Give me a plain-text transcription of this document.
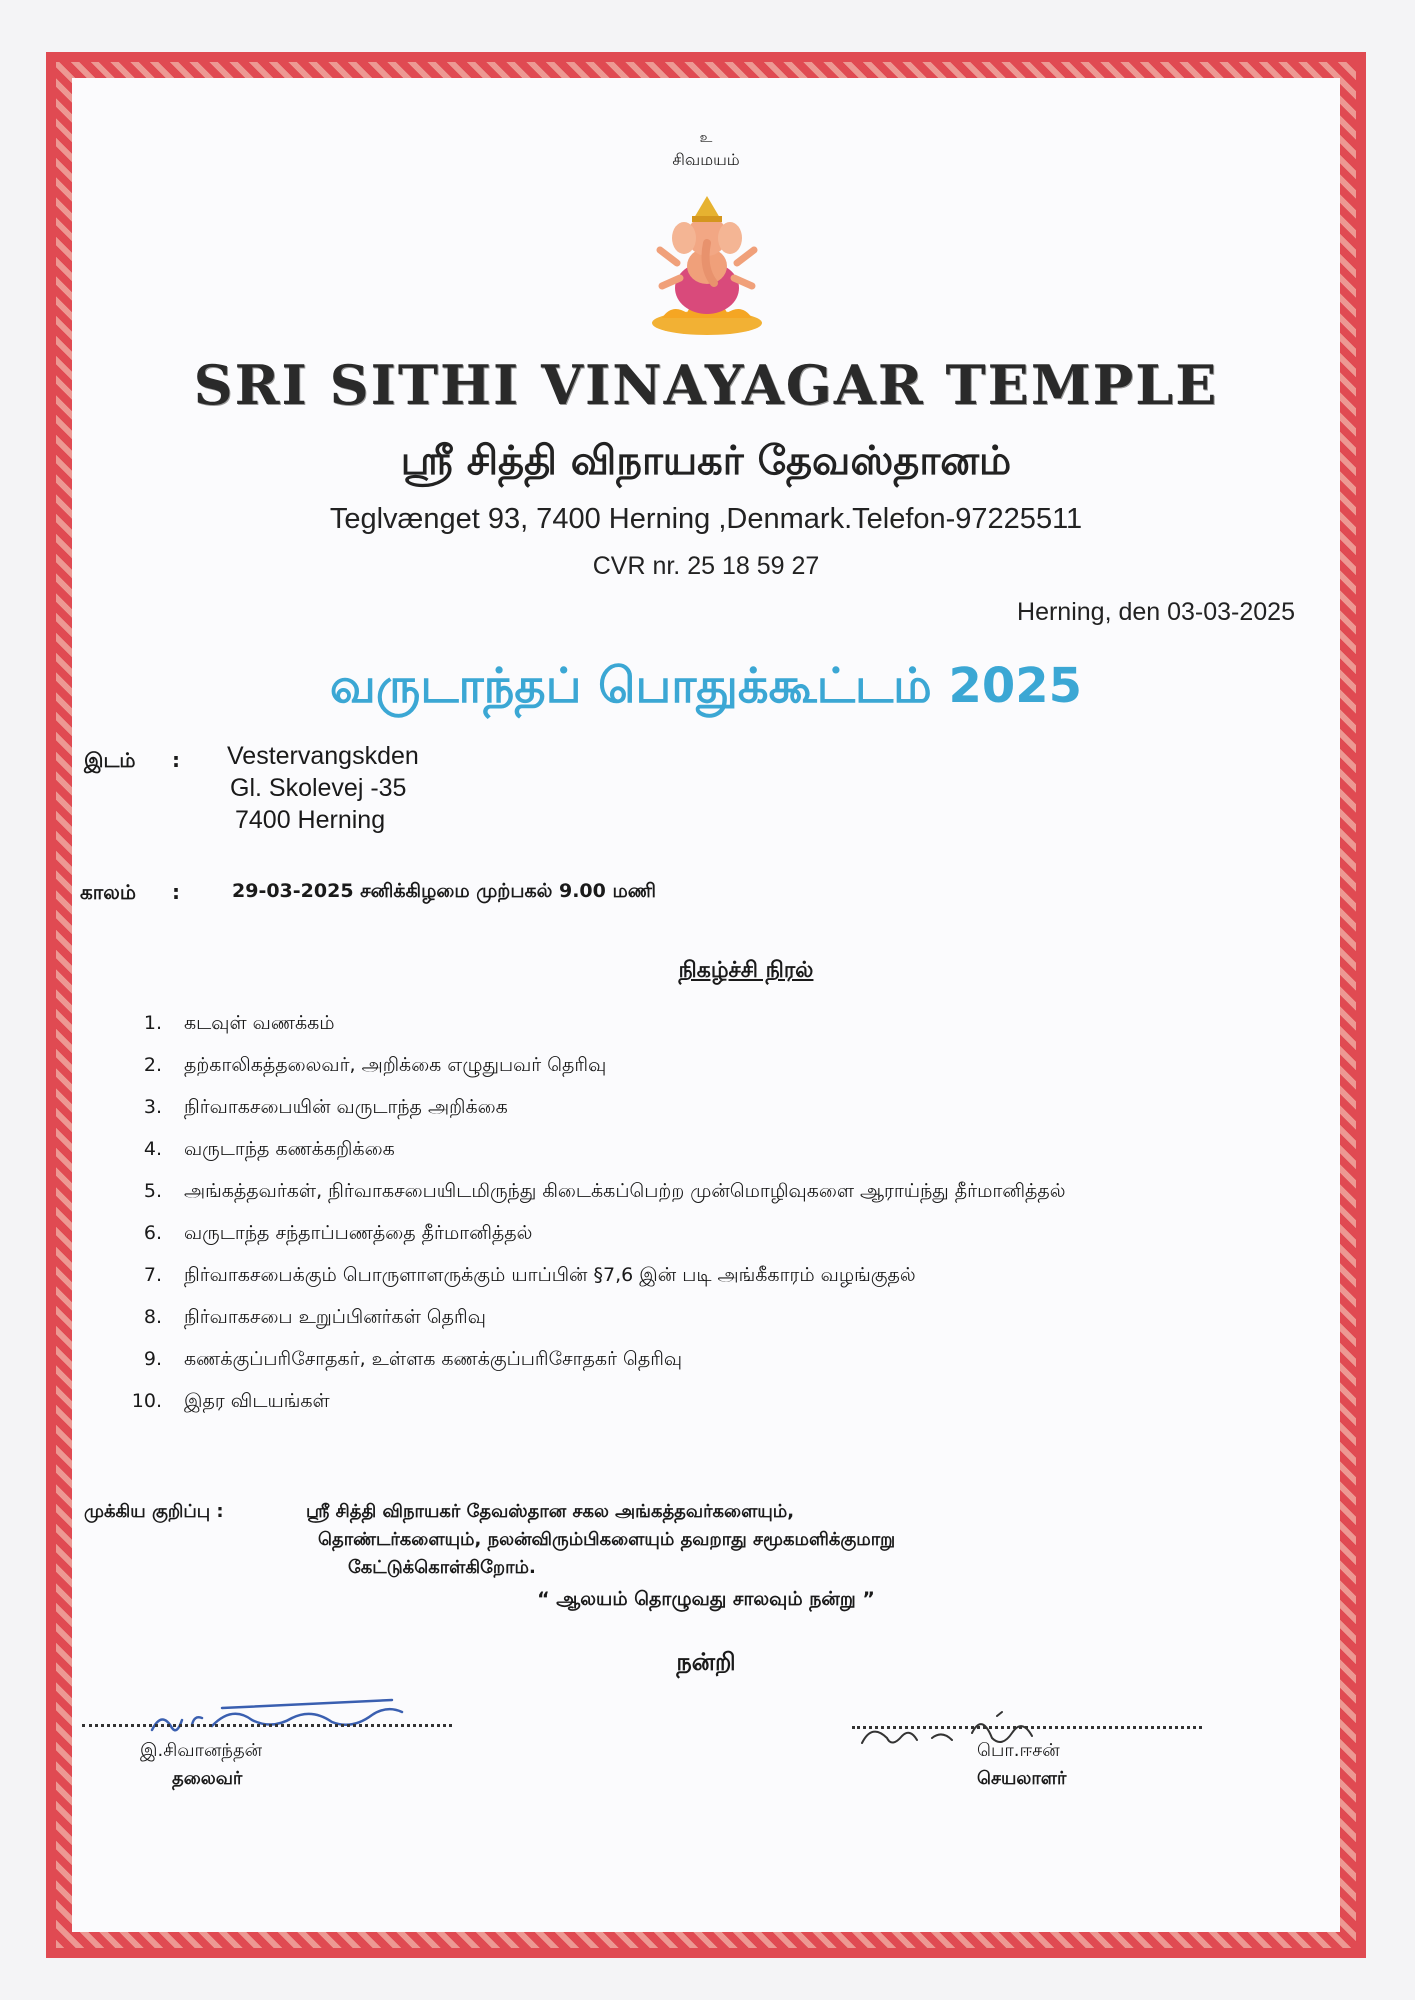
உ
சிவமயம்
SRI SITHI VINAYAGAR TEMPLE
ஸ்ரீ சித்தி விநாயகர் தேவஸ்தானம்
Teglvænget 93, 7400 Herning ,Denmark.Telefon-97225511
CVR nr. 25 18 59 27
Herning, den 03-03-2025
வருடாந்தப் பொதுக்கூட்டம் 2025
இடம் : Vestervangskden
Gl. Skolevej -35
7400 Herning
காலம் :	29-03-2025 சனிக்கிழமை முற்பகல் 9.00 மணி
நிகழ்ச்சி நிரல்
1. கடவுள் வணக்கம்
2. தற்காலிகத்தலைவர், அறிக்கை எழுதுபவர் தெரிவு
3. நிர்வாகசபையின் வருடாந்த அறிக்கை
4. வருடாந்த கணக்கறிக்கை
5. அங்கத்தவர்கள், நிர்வாகசபையிடமிருந்து கிடைக்கப்பெற்ற முன்மொழிவுகளை ஆராய்ந்து தீர்மானித்தல்
6. வருடாந்த சந்தாப்பணத்தை தீர்மானித்தல்
7. நிர்வாகசபைக்கும் பொருளாளருக்கும் யாப்பின் §7,6 இன் படி அங்கீகாரம் வழங்குதல்
8. நிர்வாகசபை உறுப்பினர்கள் தெரிவு
9. கணக்குப்பரிசோதகர், உள்ளக கணக்குப்பரிசோதகர் தெரிவு
10. இதர விடயங்கள்
முக்கிய குறிப்பு :	ஸ்ரீ சித்தி விநாயகர் தேவஸ்தான சகல அங்கத்தவர்களையும்,
தொண்டர்களையும், நலன்விரும்பிகளையும் தவறாது சமூகமளிக்குமாறு
கேட்டுக்கொள்கிறோம்.
“ ஆலயம் தொழுவது சாலவும் நன்று ”
நன்றி
இ.சிவானந்தன்
தலைவர்
பொ.ஈசன்
செயலாளர்
